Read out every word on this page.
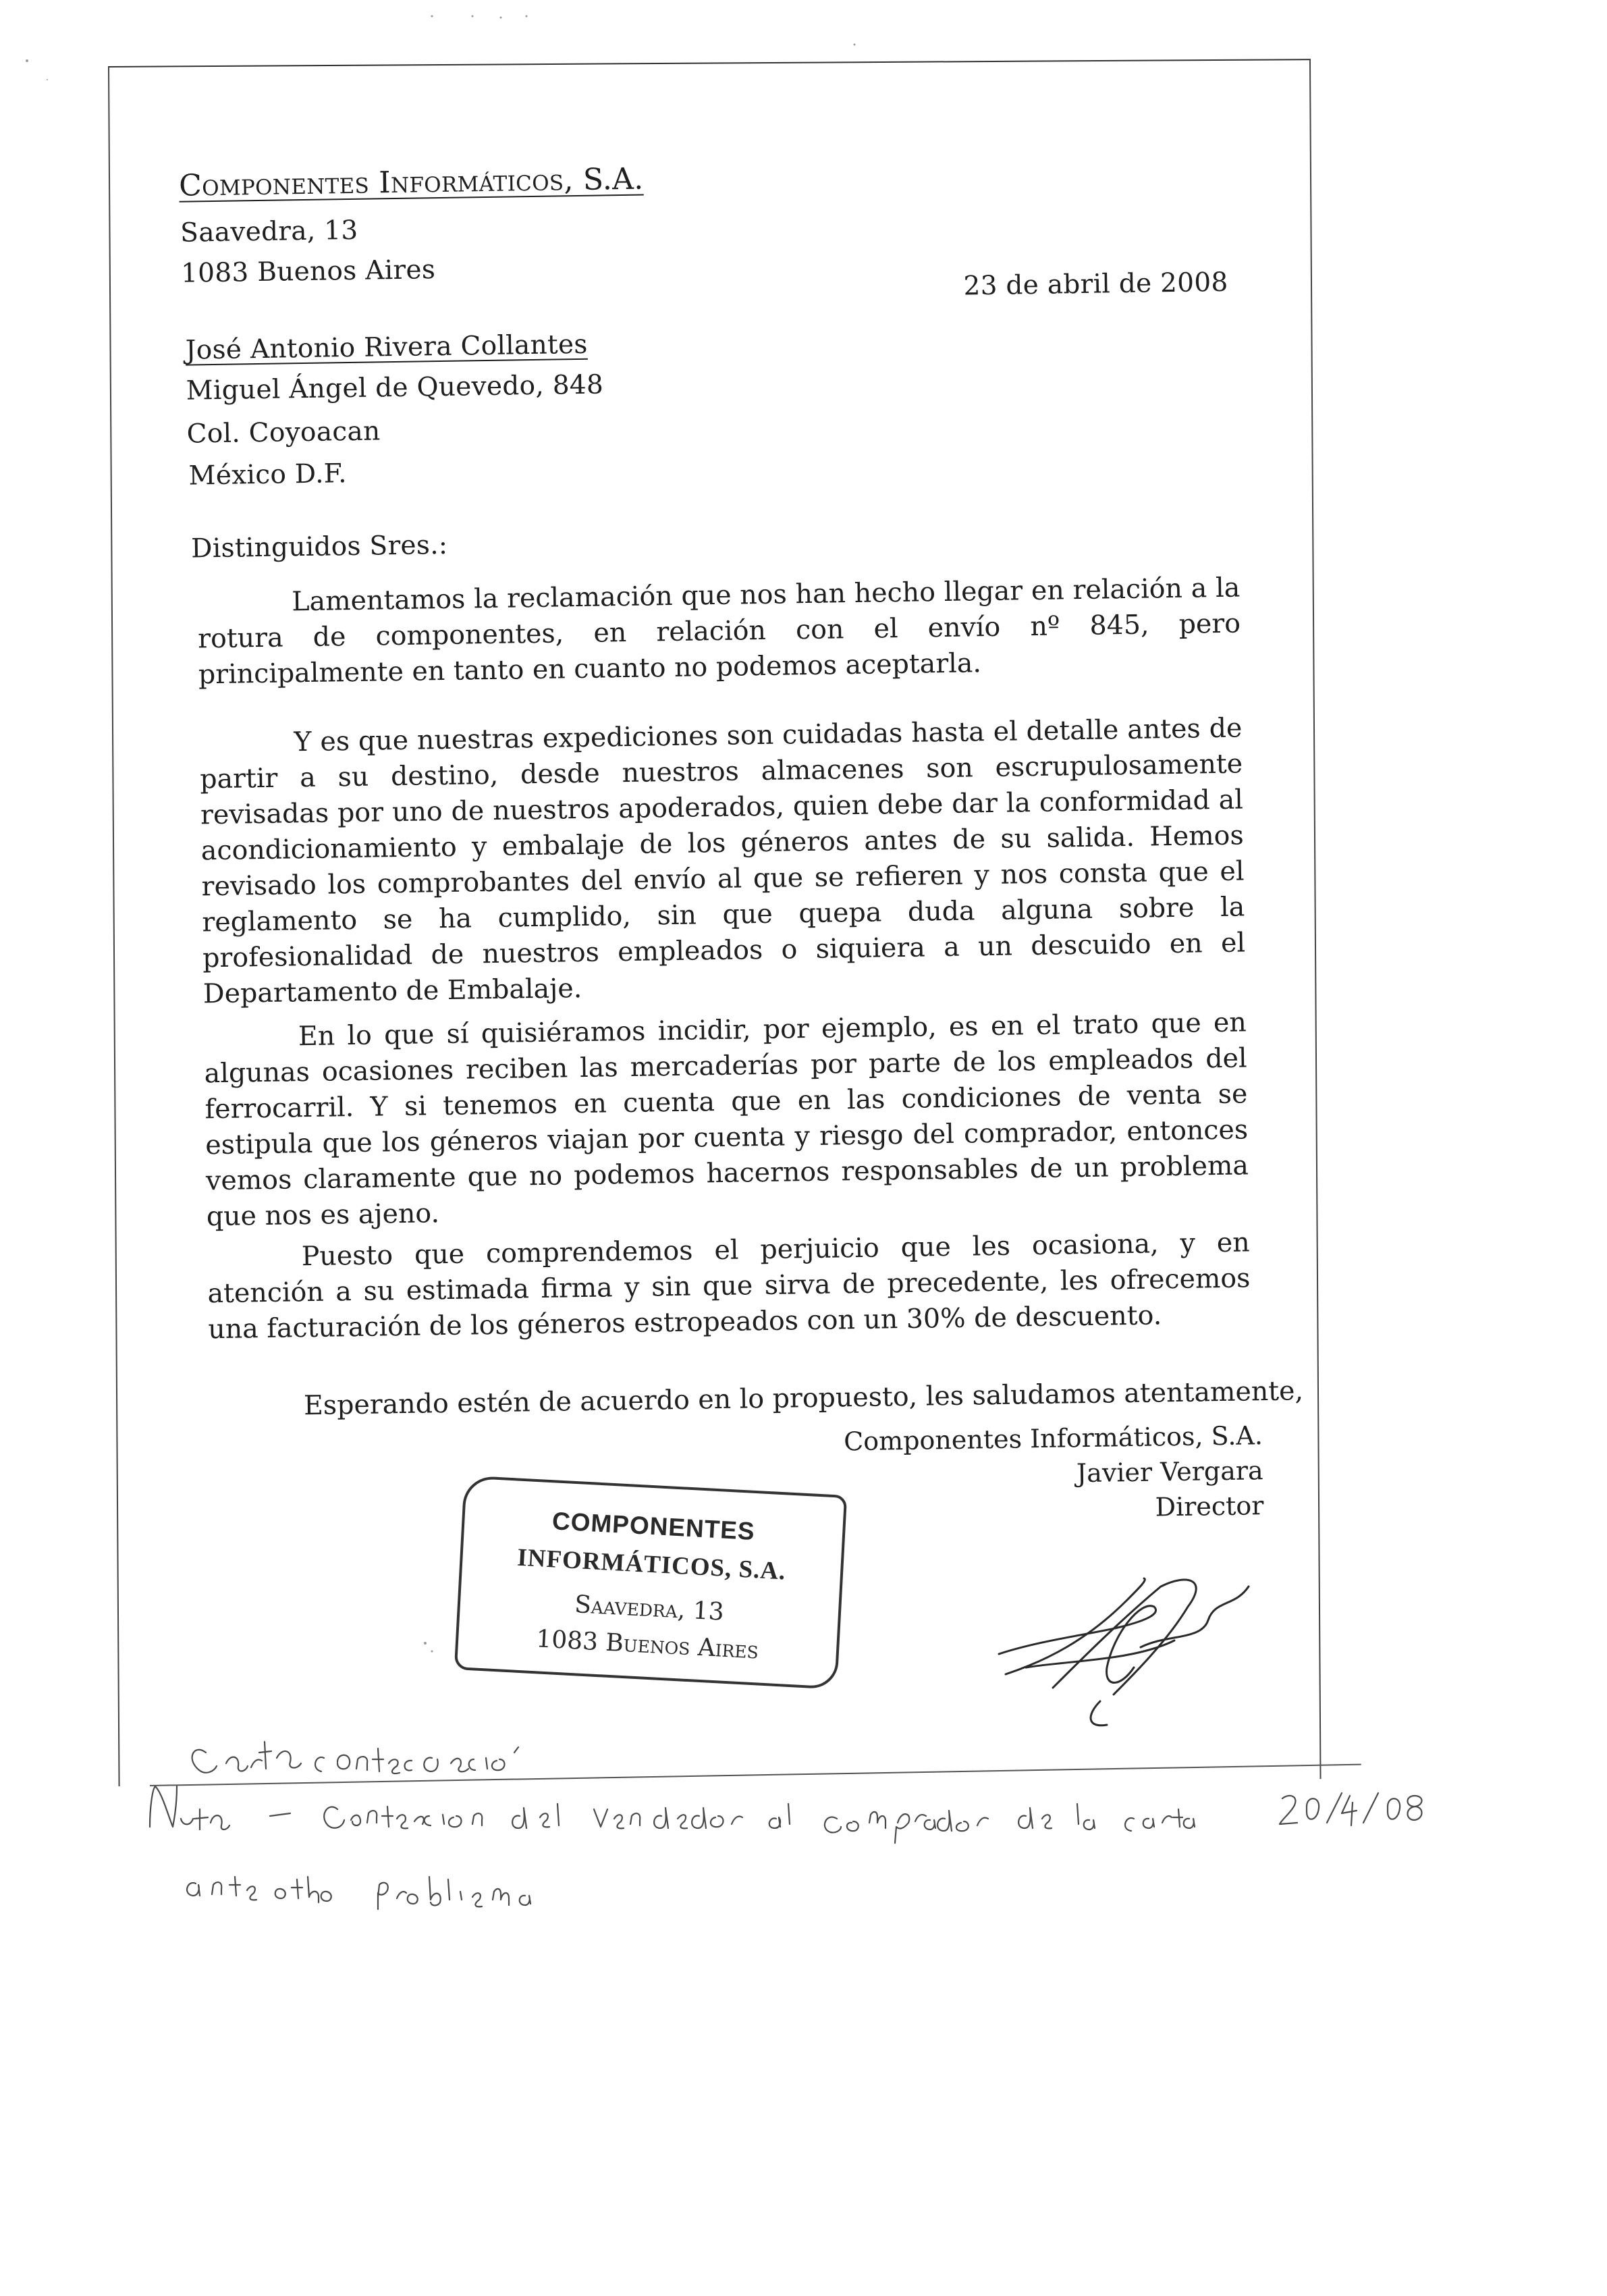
Componentes Informáticos, S.A.
Saavedra, 13
1083 Buenos Aires	23 de abril de 2008
José Antonio Rivera Collantes
Miguel Ángel de Quevedo, 848
Col. Coyoacan
México D.F.
Distinguidos Sres.:
Lamentamos la reclamación que nos han hecho llegar en relación a la rotura de componentes, en relación con el envío nº 845, pero principalmente en tanto en cuanto no podemos aceptarla.
Y es que nuestras expediciones son cuidadas hasta el detalle antes de partir a su destino, desde nuestros almacenes son escrupulosamente revisadas por uno de nuestros apoderados, quien debe dar la conformidad al acondicionamiento y embalaje de los géneros antes de su salida. Hemos revisado los comprobantes del envío al que se refieren y nos consta que el reglamento se ha cumplido, sin que quepa duda alguna sobre la profesionalidad de nuestros empleados o siquiera a un descuido en el Departamento de Embalaje.
En lo que sí quisiéramos incidir, por ejemplo, es en el trato que en algunas ocasiones reciben las mercaderías por parte de los empleados del ferrocarril. Y si tenemos en cuenta que en las condiciones de venta se estipula que los géneros viajan por cuenta y riesgo del comprador, entonces vemos claramente que no podemos hacernos responsables de un problema que nos es ajeno.
Puesto que comprendemos el perjuicio que les ocasiona, y en atención a su estimada firma y sin que sirva de precedente, les ofrecemos una facturación de los géneros estropeados con un 30% de descuento.
Esperando estén de acuerdo en lo propuesto, les saludamos atentamente,
Componentes Informáticos, S.A.
Javier Vergara
Director
COMPONENTES
INFORMÁTICOS, S.A.
Saavedra, 13
1083 Buenos Aires
